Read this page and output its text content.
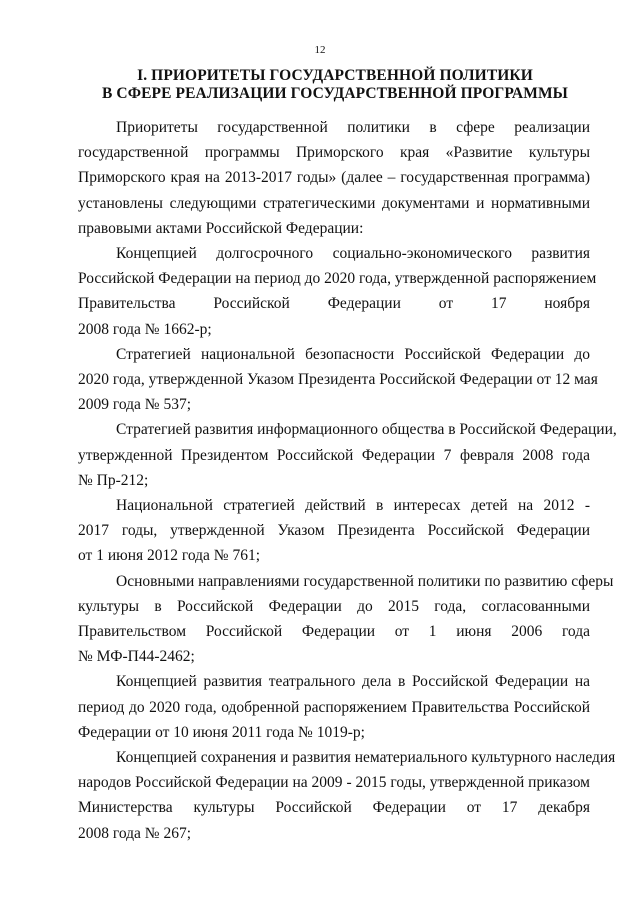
12
I. ПРИОРИТЕТЫ ГОСУДАРСТВЕННОЙ ПОЛИТИКИ
В СФЕРЕ РЕАЛИЗАЦИИ ГОСУДАРСТВЕННОЙ ПРОГРАММЫ
Приоритеты государственной политики в сфере реализации
государственной программы Приморского края «Развитие культуры
Приморского края на 2013-2017 годы» (далее – государственная программа)
установлены следующими стратегическими документами и нормативными
правовыми актами Российской Федерации:
Концепцией долгосрочного социально-экономического развития
Российской Федерации на период до 2020 года, утвержденной распоряжением
Правительства Российской Федерации от 17 ноября
2008 года № 1662-р;
Стратегией национальной безопасности Российской Федерации до
2020 года, утвержденной Указом Президента Российской Федерации от 12 мая
2009 года № 537;
Стратегией развития информационного общества в Российской Федерации,
утвержденной Президентом Российской Федерации 7 февраля 2008 года
№ Пр-212;
Национальной стратегией действий в интересах детей на 2012 -
2017 годы, утвержденной Указом Президента Российской Федерации
от 1 июня 2012 года № 761;
Основными направлениями государственной политики по развитию сферы
культуры в Российской Федерации до 2015 года, согласованными
Правительством Российской Федерации от 1 июня 2006 года
№ МФ-П44-2462;
Концепцией развития театрального дела в Российской Федерации на
период до 2020 года, одобренной распоряжением Правительства Российской
Федерации от 10 июня 2011 года № 1019-р;
Концепцией сохранения и развития нематериального культурного наследия
народов Российской Федерации на 2009 - 2015 годы, утвержденной приказом
Министерства культуры Российской Федерации от 17 декабря
2008 года № 267;
